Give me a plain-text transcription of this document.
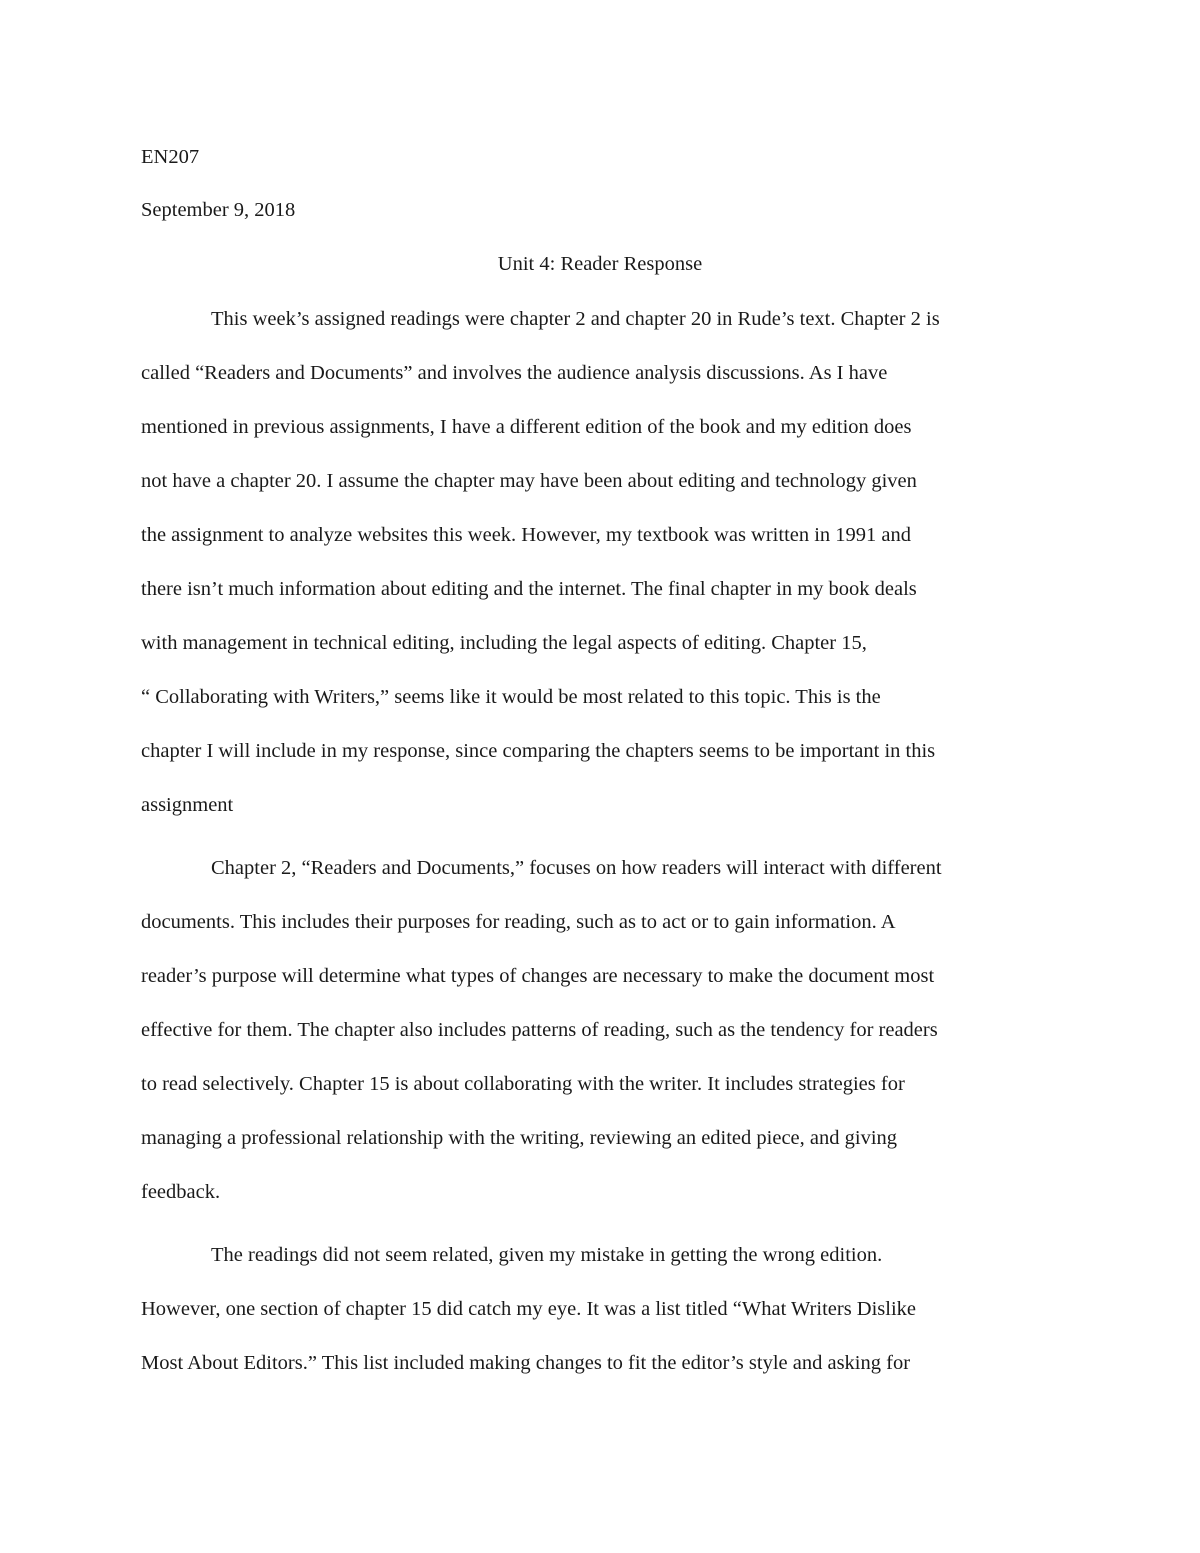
EN207

September 9, 2018

Unit 4: Reader Response

This week’s assigned readings were chapter 2 and chapter 20 in Rude’s text. Chapter 2 is
called “Readers and Documents” and involves the audience analysis discussions. As I have
mentioned in previous assignments, I have a different edition of the book and my edition does
not have a chapter 20. I assume the chapter may have been about editing and technology given
the assignment to analyze websites this week. However, my textbook was written in 1991 and
there isn’t much information about editing and the internet. The final chapter in my book deals
with management in technical editing, including the legal aspects of editing. Chapter 15,
“ Collaborating with Writers,” seems like it would be most related to this topic. This is the
chapter I will include in my response, since comparing the chapters seems to be important in this
assignment
Chapter 2, “Readers and Documents,” focuses on how readers will interact with different
documents. This includes their purposes for reading, such as to act or to gain information. A
reader’s purpose will determine what types of changes are necessary to make the document most
effective for them. The chapter also includes patterns of reading, such as the tendency for readers
to read selectively. Chapter 15 is about collaborating with the writer. It includes strategies for
managing a professional relationship with the writing, reviewing an edited piece, and giving
feedback.
The readings did not seem related, given my mistake in getting the wrong edition.
However, one section of chapter 15 did catch my eye. It was a list titled “What Writers Dislike
Most About Editors.” This list included making changes to fit the editor’s style and asking for
